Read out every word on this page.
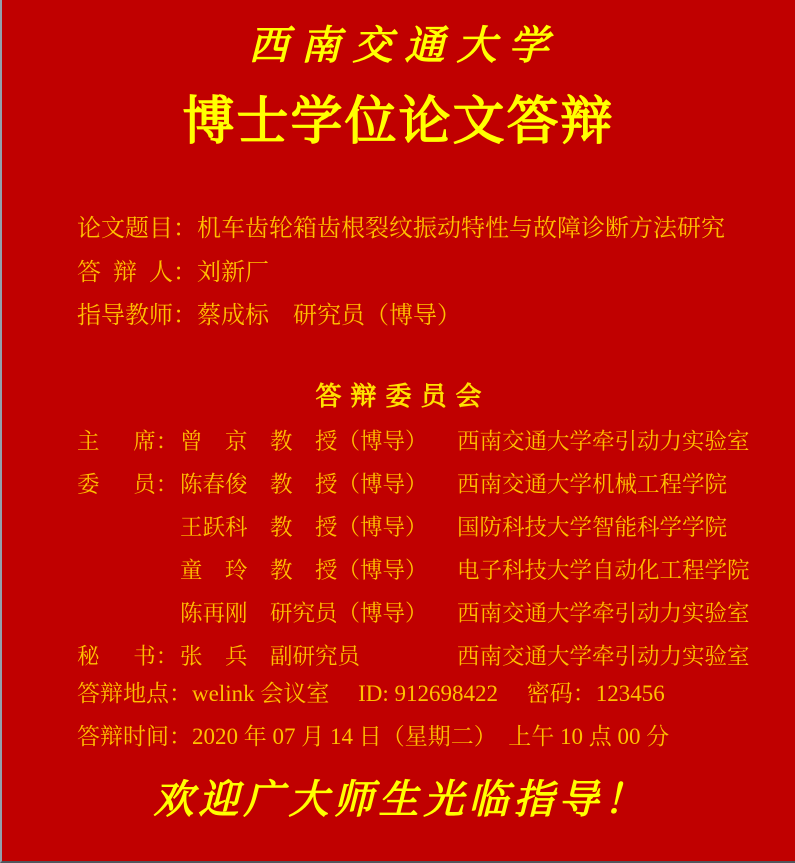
西南交通大学
博士学位论文答辩
论文题目： 机车齿轮箱齿根裂纹振动特性与故障诊断方法研究
答 辩 人： 刘新厂
指导教师： 蔡成标　研究员（博导）
答辩委员会
主　 席： 曾　京 教　授（博导）	西南交通大学牵引动力实验室
委　 员： 陈春俊 教　授（博导）	西南交通大学机械工程学院
王跃科 教　授（博导）	国防科技大学智能科学学院
童　玲 教　授（博导）	电子科技大学自动化工程学院
陈再刚 研究员（博导）	西南交通大学牵引动力实验室
秘　 书： 张　兵 副研究员	西南交通大学牵引动力实验室
答辩地点： welink 会议室　 ID: 912698422　 密码：123456
答辩时间： 2020 年 07 月 14 日（星期二）　上午 10 点 00 分
欢迎广大师生光临指导！
